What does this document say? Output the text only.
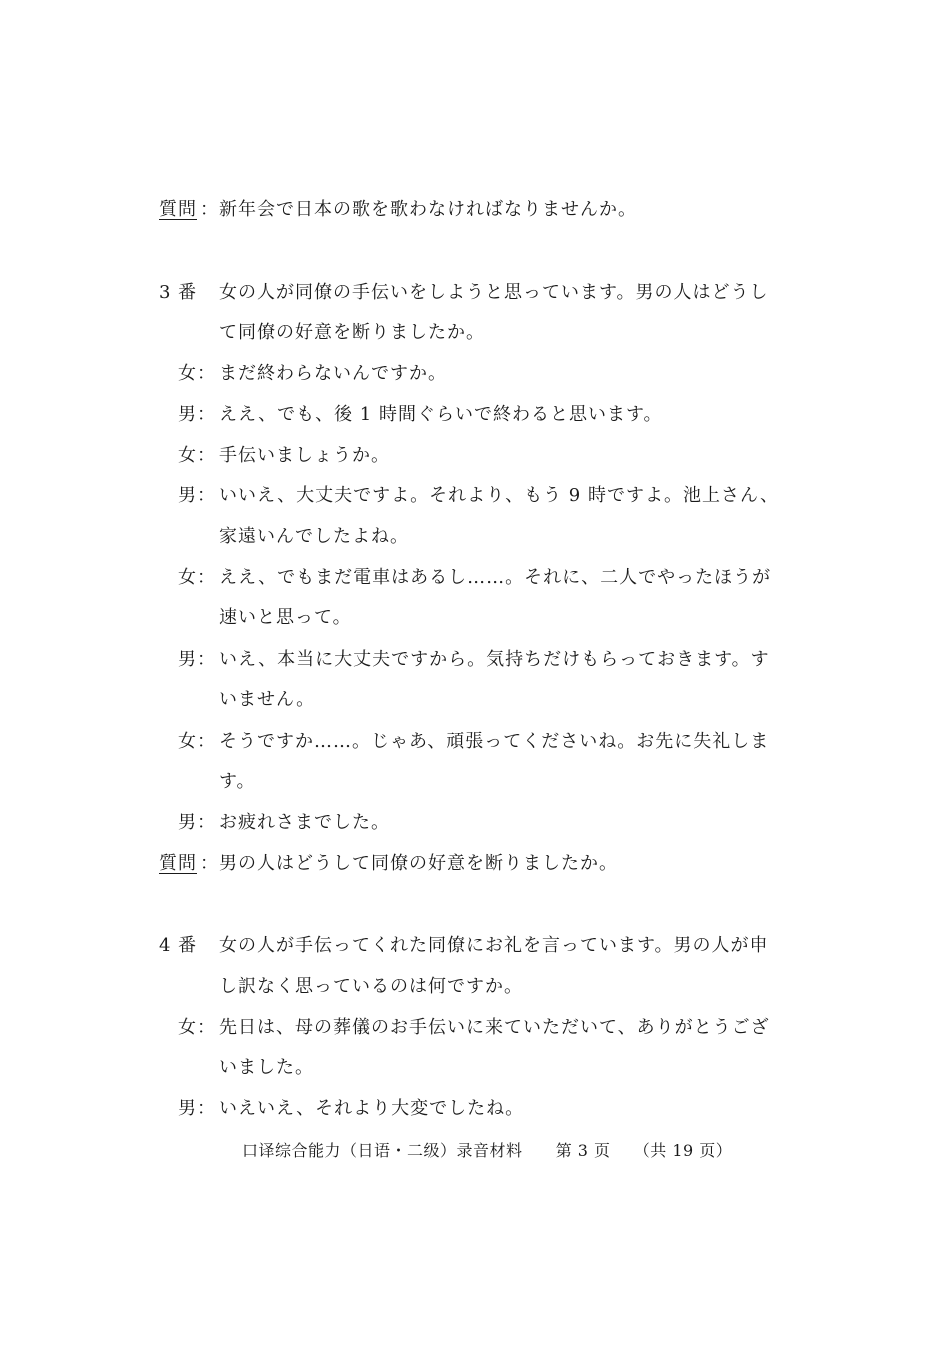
質問 ： 新年会で日本の歌を歌わなければなりませんか。
3 番 女の人が同僚の手伝いをしようと思っています。男の人はどうし
て同僚の好意を断りましたか。
女： まだ終わらないんですか。
男： ええ、でも、後 1 時間ぐらいで終わると思います。
女： 手伝いましょうか。
男： いいえ、大丈夫ですよ。それより、もう 9 時ですよ。池上さん、
家遠いんでしたよね。
女： ええ、でもまだ電車はあるし……。それに、二人でやったほうが
速いと思って。
男： いえ、本当に大丈夫ですから。気持ちだけもらっておきます。す
いません。
女： そうですか……。じゃあ、頑張ってくださいね。お先に失礼しま
す。
男： お疲れさまでした。
質問 ： 男の人はどうして同僚の好意を断りましたか。
4 番 女の人が手伝ってくれた同僚にお礼を言っています。男の人が申
し訳なく思っているのは何ですか。
女： 先日は、母の葬儀のお手伝いに来ていただいて、ありがとうござ
いました。
男： いえいえ、それより大変でしたね。
口译综合能力（日语・二级）录音材料 第 3 页 （共 19 页）
